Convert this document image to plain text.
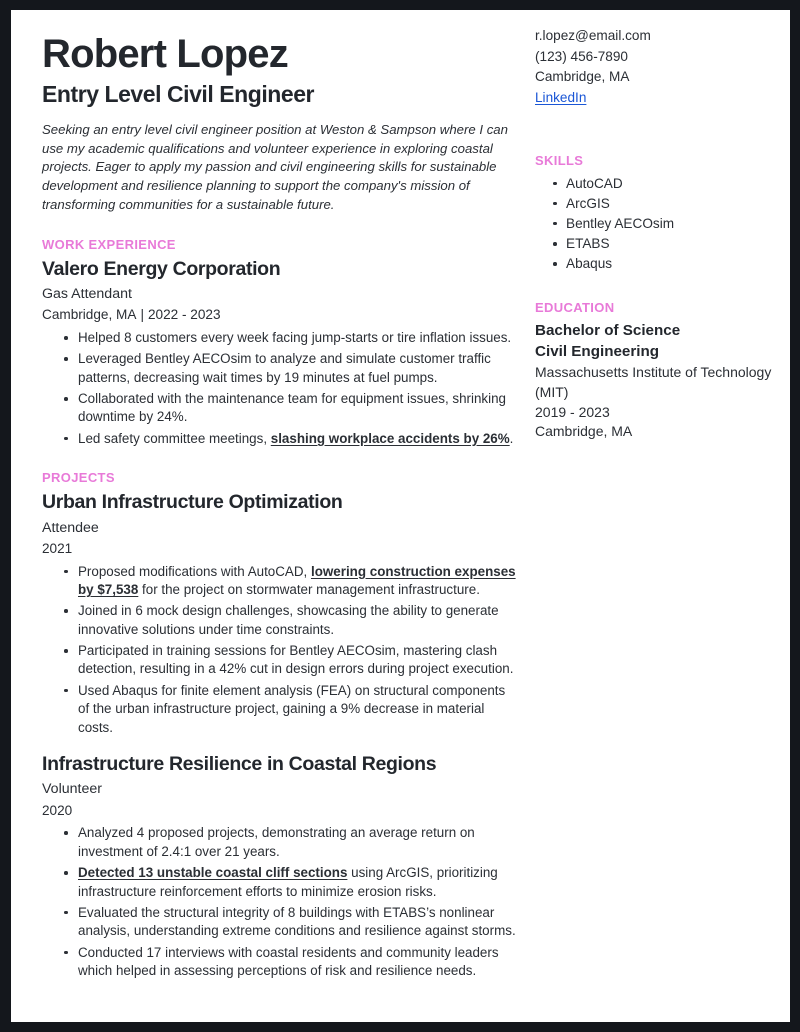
Robert Lopez
Entry Level Civil Engineer
Seeking an entry level civil engineer position at Weston & Sampson where I can use my academic qualifications and volunteer experience in exploring coastal projects. Eager to apply my passion and civil engineering skills for sustainable development and resilience planning to support the company's mission of transforming communities for a sustainable future.
WORK EXPERIENCE
Valero Energy Corporation
Gas Attendant
Cambridge, MA | 2022 - 2023
Helped 8 customers every week facing jump-starts or tire inflation issues.
Leveraged Bentley AECOsim to analyze and simulate customer traffic patterns, decreasing wait times by 19 minutes at fuel pumps.
Collaborated with the maintenance team for equipment issues, shrinking downtime by 24%.
Led safety committee meetings, slashing workplace accidents by 26%.
PROJECTS
Urban Infrastructure Optimization
Attendee
2021
Proposed modifications with AutoCAD, lowering construction expenses by $7,538 for the project on stormwater management infrastructure.
Joined in 6 mock design challenges, showcasing the ability to generate innovative solutions under time constraints.
Participated in training sessions for Bentley AECOsim, mastering clash detection, resulting in a 42% cut in design errors during project execution.
Used Abaqus for finite element analysis (FEA) on structural components of the urban infrastructure project, gaining a 9% decrease in material costs.
Infrastructure Resilience in Coastal Regions
Volunteer
2020
Analyzed 4 proposed projects, demonstrating an average return on investment of 2.4:1 over 21 years.
Detected 13 unstable coastal cliff sections using ArcGIS, prioritizing infrastructure reinforcement efforts to minimize erosion risks.
Evaluated the structural integrity of 8 buildings with ETABS’s nonlinear analysis, understanding extreme conditions and resilience against storms.
Conducted 17 interviews with coastal residents and community leaders which helped in assessing perceptions of risk and resilience needs.
r.lopez@email.com
(123) 456-7890
Cambridge, MA
LinkedIn
SKILLS
AutoCAD
ArcGIS
Bentley AECOsim
ETABS
Abaqus
EDUCATION
Bachelor of Science
Civil Engineering
Massachusetts Institute of Technology (MIT)
2019 - 2023
Cambridge, MA
